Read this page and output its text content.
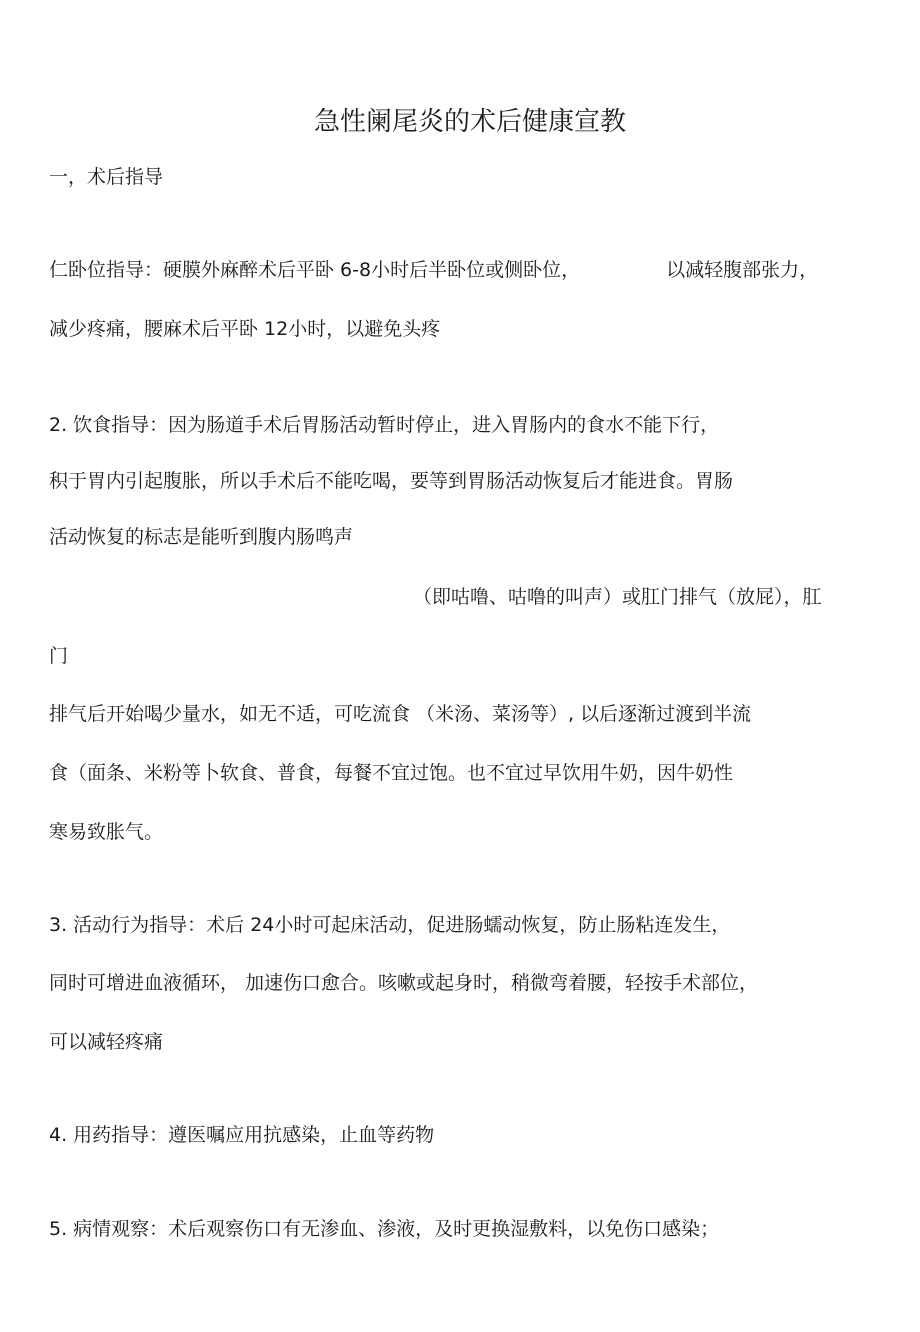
急性阑尾炎的术后健康宣教

一，术后指导

仁卧位指导：硬膜外麻醉术后平卧 6-8小时后半卧位或侧卧位，	以减轻腹部张力，

减少疼痛，腰麻术后平卧 12小时，以避免头疼

2. 饮食指导：因为肠道手术后胃肠活动暂时停止，进入胃肠内的食水不能下行，

积于胃内引起腹胀，所以手术后不能吃喝，要等到胃肠活动恢复后才能进食。胃肠

活动恢复的标志是能听到腹内肠鸣声

（即咕噜、咕噜的叫声）或肛门排气（放屁），肛

门

排气后开始喝少量水，如无不适，可吃流食 （米汤、菜汤等）, 以后逐渐过渡到半流

食（面条、米粉等卜软食、普食，每餐不宜过饱。也不宜过早饮用牛奶，因牛奶性

寒易致胀气。

3. 活动行为指导：术后 24小时可起床活动，促进肠蠕动恢复，防止肠粘连发生，

同时可增进血液循环， 加速伤口愈合。咳嗽或起身时，稍微弯着腰，轻按手术部位，

可以减轻疼痛

4. 用药指导：遵医嘱应用抗感染，止血等药物

5. 病情观察：术后观察伤口有无渗血、渗液，及时更换湿敷料，以免伤口感染；
